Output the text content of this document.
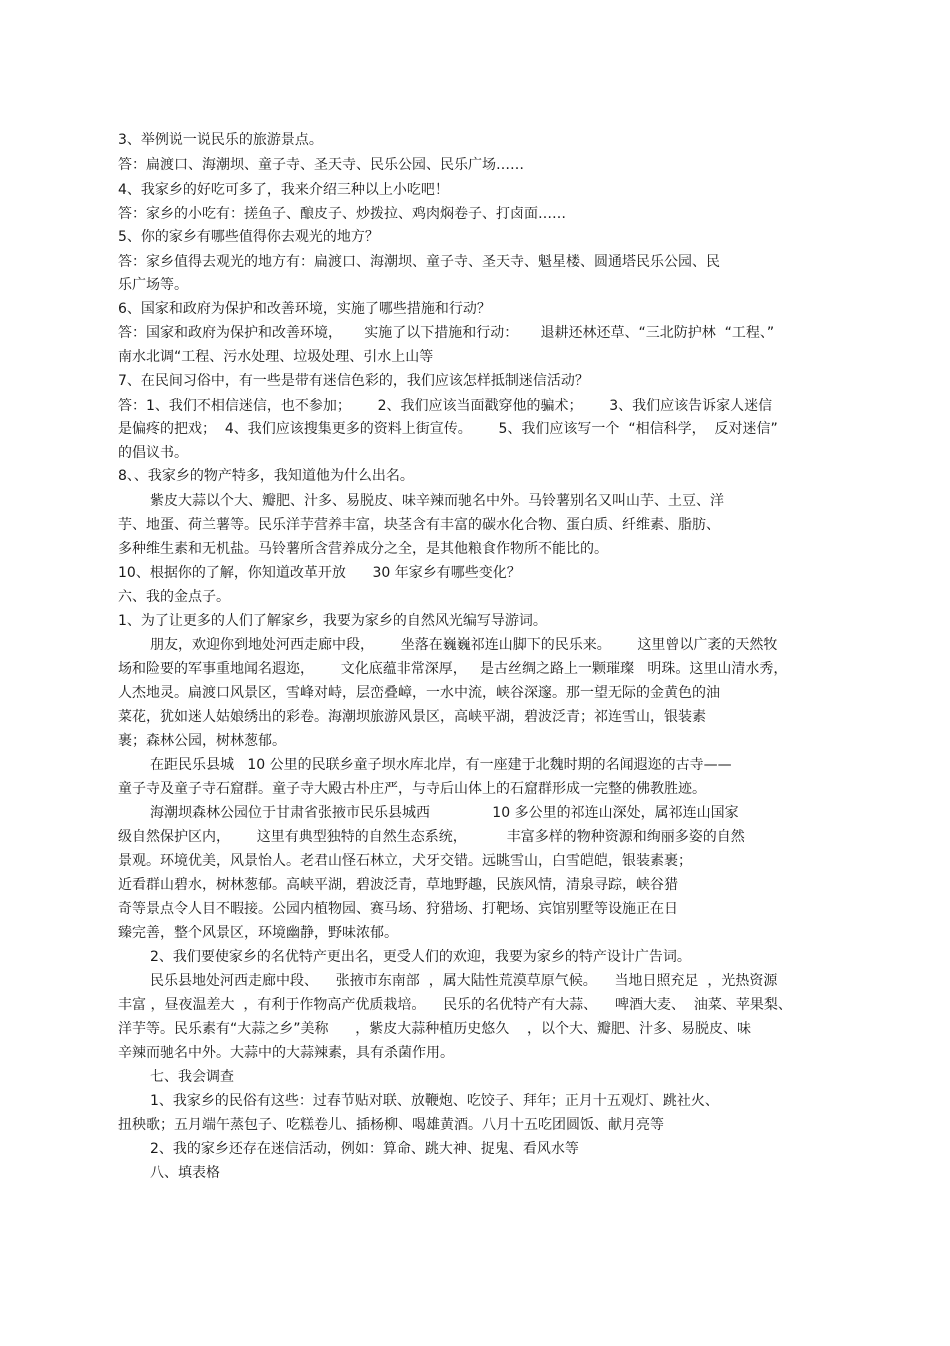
3、举例说一说民乐的旅游景点。
答：扁渡口、海潮坝、童子寺、圣天寺、民乐公园、民乐广场……
4、我家乡的好吃可多了，我来介绍三种以上小吃吧！
答：家乡的小吃有：搓鱼子、酿皮子、炒拨拉、鸡肉焖卷子、打卤面……
5、你的家乡有哪些值得你去观光的地方？
答：家乡值得去观光的地方有：扁渡口、海潮坝、童子寺、圣天寺、魁星楼、圆通塔民乐公园、民
乐广场等。
6、国家和政府为保护和改善环境，实施了哪些措施和行动？
答：国家和政府为保护和改善环境，     实施了以下措施和行动：     退耕还林还草、“三北防护林  “工程、”
南水北调“工程、污水处理、垃圾处理、引水上山等
7、在民间习俗中，有一些是带有迷信色彩的，我们应该怎样抵制迷信活动？
答：1、我们不相信迷信，也不参加；      2、我们应该当面戳穿他的骗术；      3、我们应该告诉家人迷信
是偏疼的把戏；  4、我们应该搜集更多的资料上街宣传。      5、我们应该写一个  “相信科学，  反对迷信”
的倡议书。
8、、我家乡的物产特多，我知道他为什么出名。
紫皮大蒜以个大、瓣肥、汁多、易脱皮、味辛辣而驰名中外。马铃薯别名又叫山芋、土豆、洋
芋、地蛋、荷兰薯等。民乐洋芋营养丰富，块茎含有丰富的碳水化合物、蛋白质、纤维素、脂肪、
多种维生素和无机盐。马铃薯所含营养成分之全，是其他粮食作物所不能比的。
10、根据你的了解，你知道改革开放      30 年家乡有哪些变化？
六、我的金点子。
1、为了让更多的人们了解家乡，我要为家乡的自然风光编写导游词。
朋友，欢迎你到地处河西走廊中段，      坐落在巍巍祁连山脚下的民乐来。      这里曾以广袤的天然牧
场和险要的军事重地闻名遐迩，      文化底蕴非常深厚，   是古丝绸之路上一颗璀璨   明珠。这里山清水秀，
人杰地灵。扁渡口风景区，雪峰对峙，层峦叠嶂，一水中流，峡谷深邃。那一望无际的金黄色的油
菜花，犹如迷人姑娘绣出的彩卷。海潮坝旅游风景区，高峡平湖，碧波泛青；祁连雪山，银装素
裹；森林公园，树林葱郁。
在距民乐县城   10 公里的民联乡童子坝水库北岸，有一座建于北魏时期的名闻遐迩的古寺——
童子寺及童子寺石窟群。童子寺大殿古朴庄严，与寺后山体上的石窟群形成一完整的佛教胜迹。
海潮坝森林公园位于甘肃省张掖市民乐县城西              10 多公里的祁连山深处，属祁连山国家
级自然保护区内，      这里有典型独特的自然生态系统，         丰富多样的物种资源和绚丽多姿的自然
景观。环境优美，风景怡人。老君山怪石林立，犬牙交错。远眺雪山，白雪皑皑，银装素裹；
近看群山碧水，树林葱郁。高峡平湖，碧波泛青，草地野趣，民族风情，清泉寻踪，峡谷猎
奇等景点令人目不暇接。公园内植物园、赛马场、狩猎场、打靶场、宾馆别墅等设施正在日
臻完善，整个风景区，环境幽静，野味浓郁。
2、我们要使家乡的名优特产更出名，更受人们的欢迎，我要为家乡的特产设计广告词。
民乐县地处河西走廊中段、    张掖市东南部  ，属大陆性荒漠草原气候。    当地日照充足  ，光热资源
丰富 ，昼夜温差大  ，有利于作物高产优质栽培。    民乐的名优特产有大蒜、    啤酒大麦、  油菜、苹果梨、
洋芋等。民乐素有“大蒜之乡”美称      ，紫皮大蒜种植历史悠久    ，以个大、瓣肥、汁多、易脱皮、味
辛辣而驰名中外。大蒜中的大蒜辣素，具有杀菌作用。
七、我会调查
1、我家乡的民俗有这些：过春节贴对联、放鞭炮、吃饺子、拜年；正月十五观灯、跳社火、
扭秧歌；五月端午蒸包子、吃糕卷儿、插杨柳、喝雄黄酒。八月十五吃团圆饭、献月亮等
2、我的家乡还存在迷信活动，例如：算命、跳大神、捉鬼、看风水等
八、填表格
